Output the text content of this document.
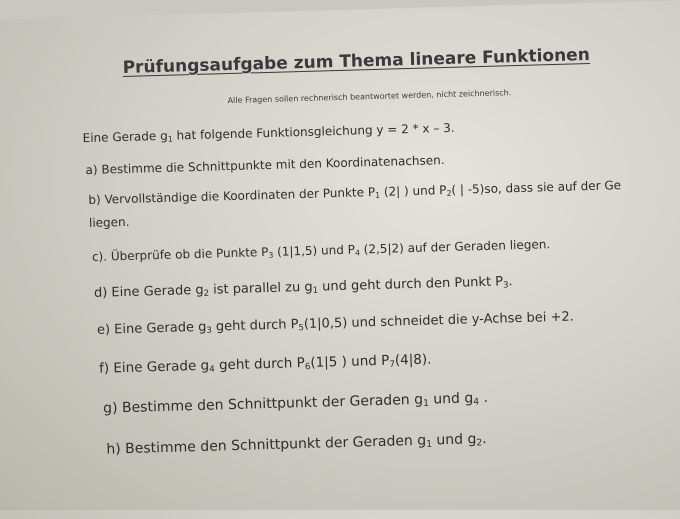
Prüfungsaufgabe zum Thema lineare Funktionen
Alle Fragen sollen rechnerisch beantwortet werden, nicht zeichnerisch.
Eine Gerade $g_1$ hat folgende Funktionsgleichung y = 2 * x – 3.
a) Bestimme die Schnittpunkte mit den Koordinatenachsen.
b) Vervollständige die Koordinaten der Punkte $P_1$ (2| ) und $P_2$( | -5)so, dass sie auf der Ge
liegen.
c). Überprüfe ob die Punkte $P_3$ (1|1,5) und $P_4$ (2,5|2) auf der Geraden liegen.
d) Eine Gerade $g_2$ ist parallel zu $g_1$ und geht durch den Punkt $P_3$.
e) Eine Gerade $g_3$ geht durch $P_5(1|0,5)$ und schneidet die y-Achse bei +2.
f) Eine Gerade $g_4$ geht durch $P_6(1|5$ ) und $P_7(4|8)$.
g) Bestimme den Schnittpunkt der Geraden $g_1$ und $g_4$ .
h) Bestimme den Schnittpunkt der Geraden $g_1$ und $g_2$.
